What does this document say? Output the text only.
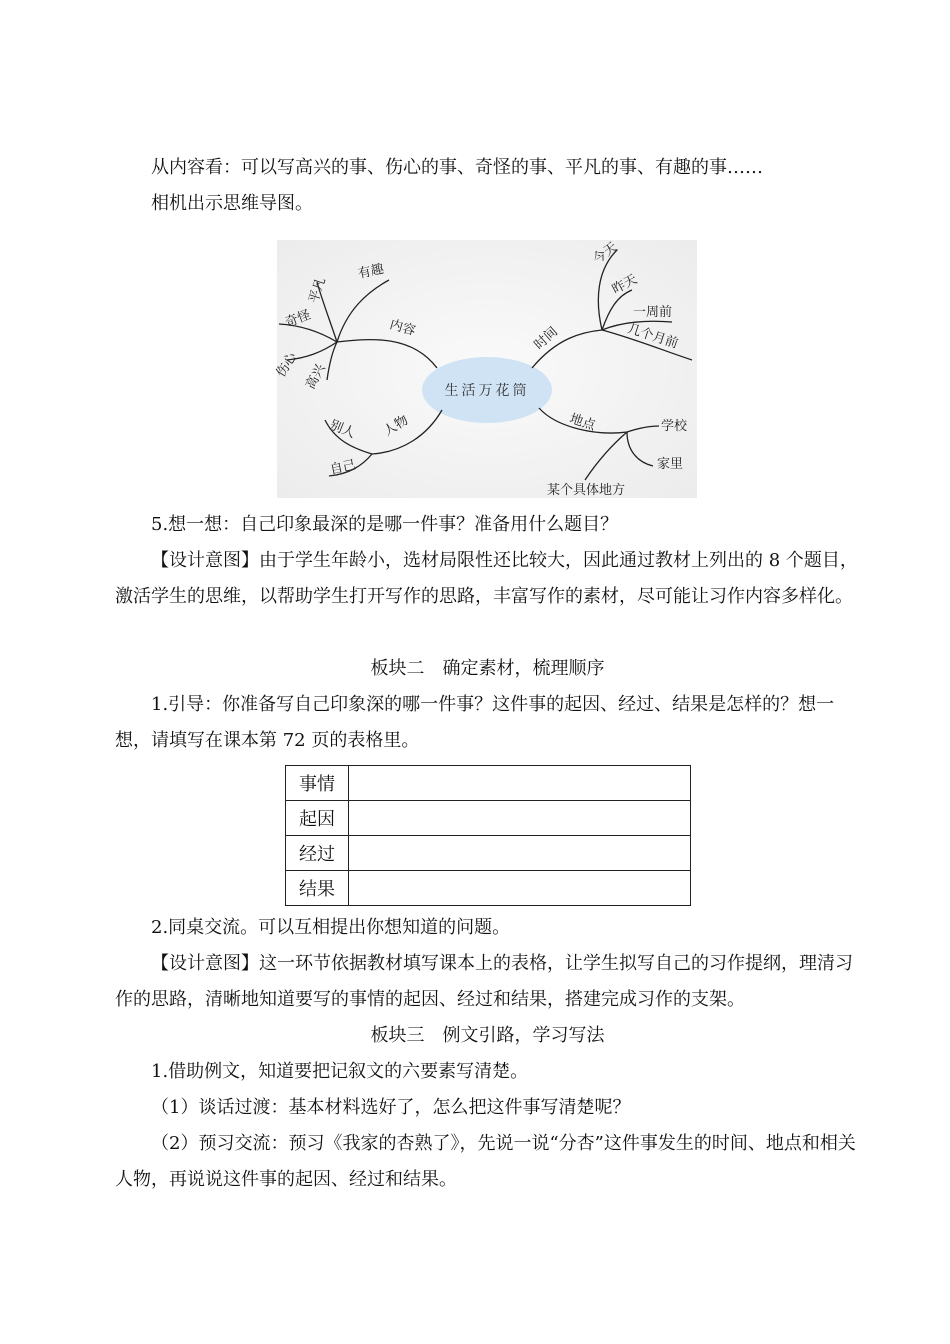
从内容看：可以写高兴的事、伤心的事、奇怪的事、平凡的事、有趣的事……

相机出示思维导图。

生活万花筒
内容
有趣
平凡
奇怪
伤心 高兴
人物
别人
自己
时间
今天
昨天
一周前
几个月前
地点	学校
家里
某个具体地方

5.想一想：自己印象最深的是哪一件事？准备用什么题目？

【设计意图】由于学生年龄小，选材局限性还比较大，因此通过教材上列出的 8 个题目，激活学生的思维，以帮助学生打开写作的思路，丰富写作的素材，尽可能让习作内容多样化。

板块二　确定素材，梳理顺序

1.引导：你准备写自己印象深的哪一件事？这件事的起因、经过、结果是怎样的？想一想，请填写在课本第 72 页的表格里。

事情	
起因	
经过	
结果	

2.同桌交流。可以互相提出你想知道的问题。

【设计意图】这一环节依据教材填写课本上的表格，让学生拟写自己的习作提纲，理清习作的思路，清晰地知道要写的事情的起因、经过和结果，搭建完成习作的支架。

板块三　例文引路，学习写法

1.借助例文，知道要把记叙文的六要素写清楚。

（1）谈话过渡：基本材料选好了，怎么把这件事写清楚呢？

（2）预习交流：预习《我家的杏熟了》，先说一说“分杏”这件事发生的时间、地点和相关人物，再说说这件事的起因、经过和结果。
